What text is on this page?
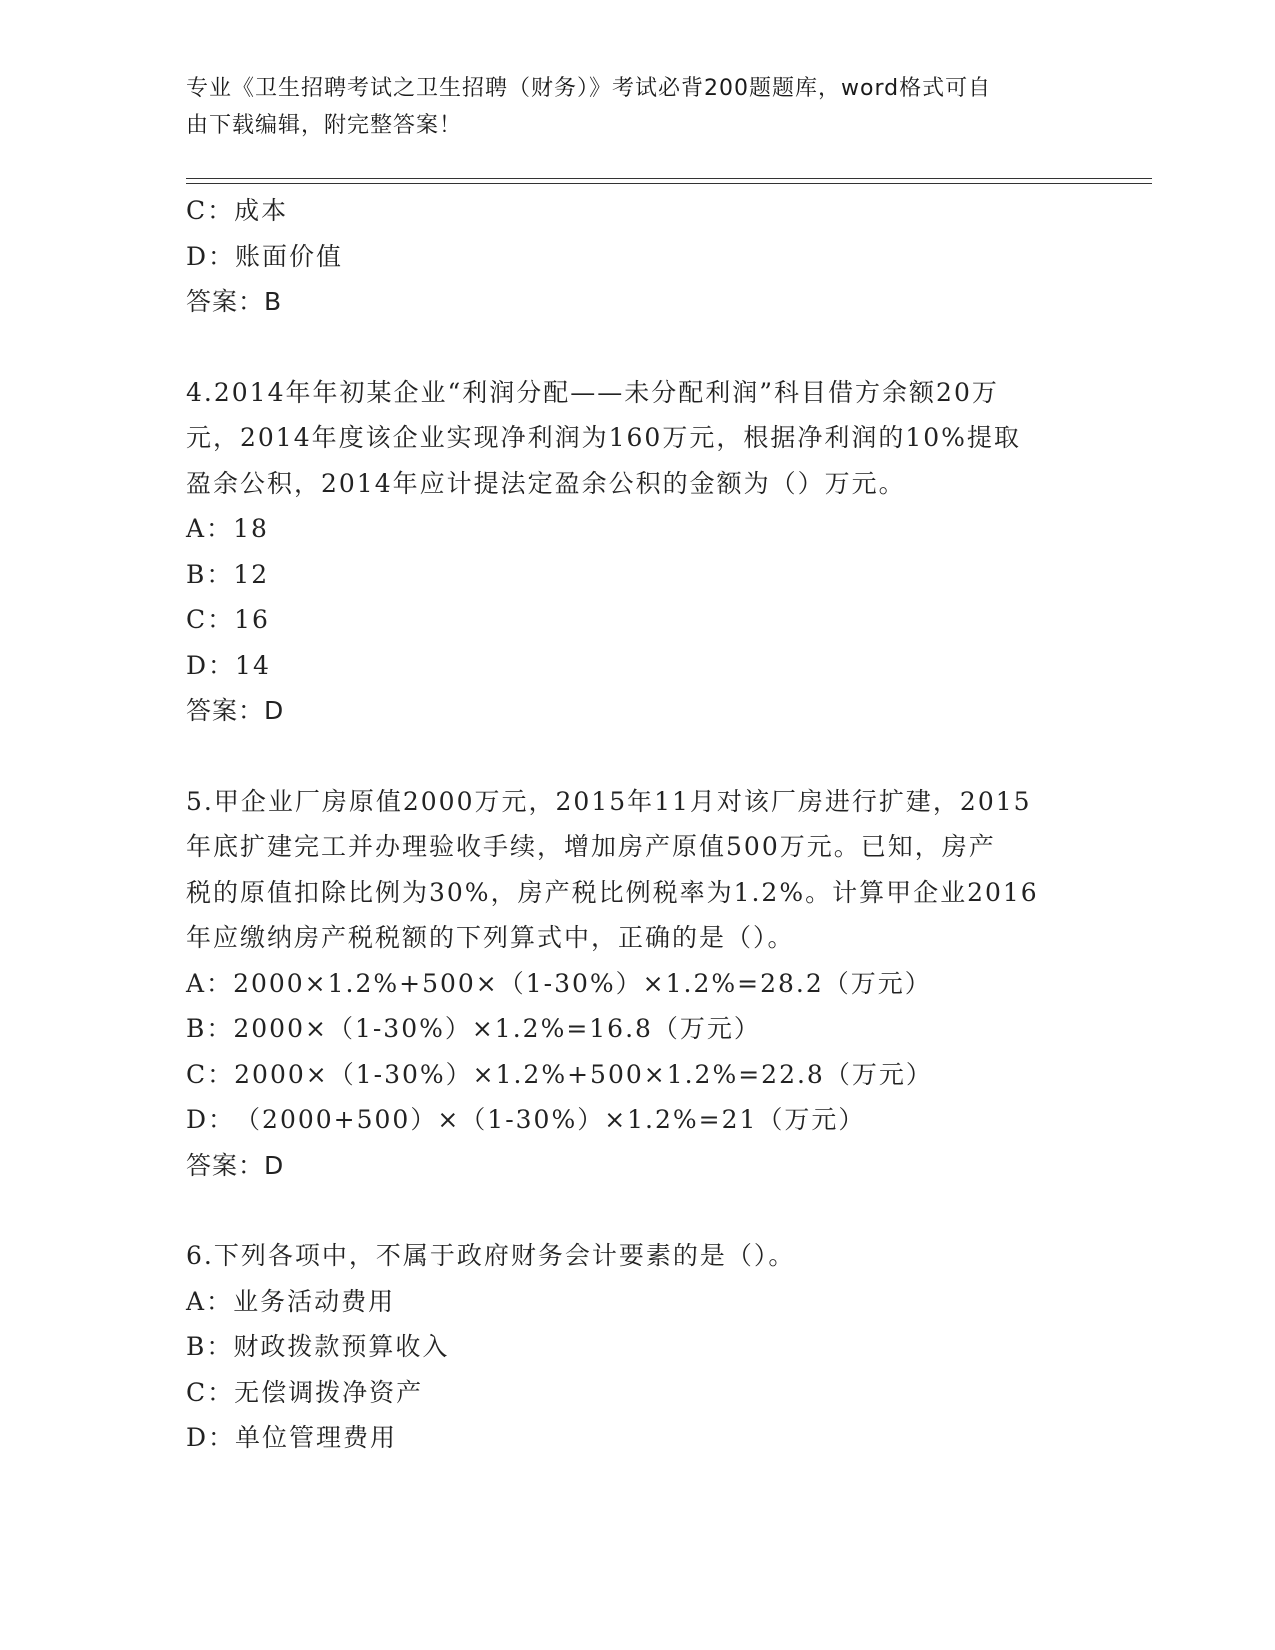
专业《卫生招聘考试之卫生招聘（财务）》考试必背200题题库，word格式可自
由下载编辑，附完整答案！
C：成本
D：账面价值
答案：B
4.2014年年初某企业“利润分配——未分配利润”科目借方余额20万
元，2014年度该企业实现净利润为160万元，根据净利润的10%提取
盈余公积，2014年应计提法定盈余公积的金额为（）万元。
A：18
B：12
C：16
D：14
答案：D
5.甲企业厂房原值2000万元，2015年11月对该厂房进行扩建，2015
年底扩建完工并办理验收手续，增加房产原值500万元。已知，房产
税的原值扣除比例为30%，房产税比例税率为1.2%。计算甲企业2016
年应缴纳房产税税额的下列算式中，正确的是（）。
A：2000×1.2%+500×（1-30%）×1.2%=28.2（万元）
B：2000×（1-30%）×1.2%=16.8（万元）
C：2000×（1-30%）×1.2%+500×1.2%=22.8（万元）
D：（2000+500）×（1-30%）×1.2%=21（万元）
答案：D
6.下列各项中，不属于政府财务会计要素的是（）。
A：业务活动费用
B：财政拨款预算收入
C：无偿调拨净资产
D：单位管理费用
